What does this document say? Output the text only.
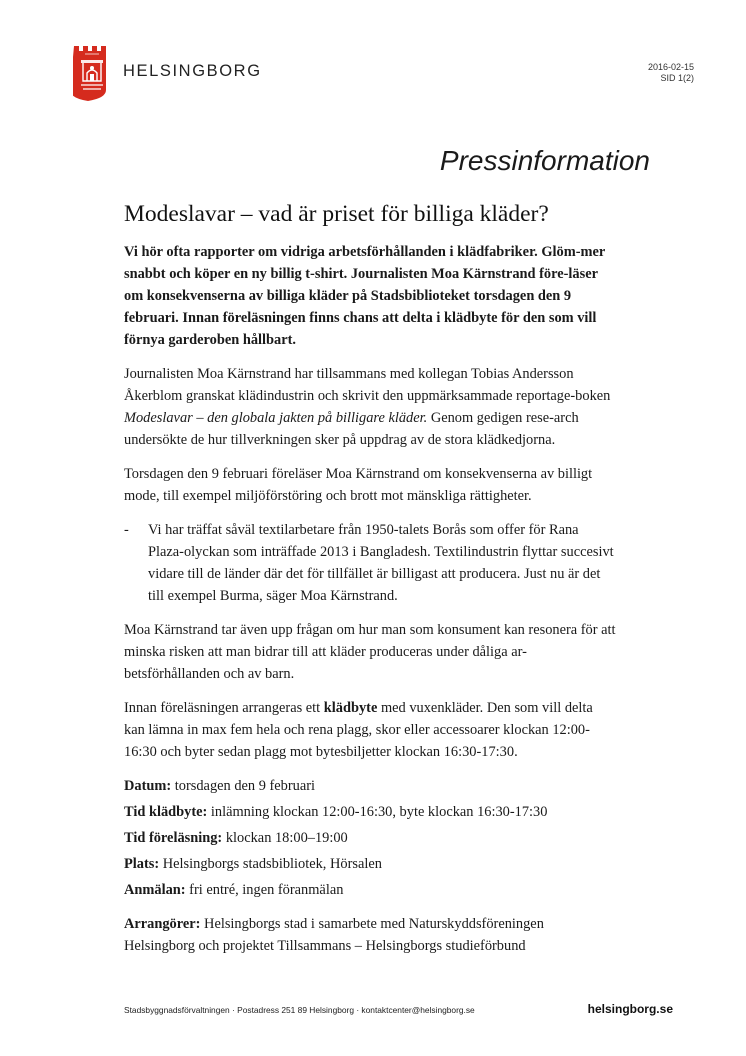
HELSINGBORG	2016-02-15
SID 1(2)
Pressinformation
Modeslavar – vad är priset för billiga kläder?
Vi hör ofta rapporter om vidriga arbetsförhållanden i klädfabriker. Glöm-mer snabbt och köper en ny billig t-shirt. Journalisten Moa Kärnstrand före-läser om konsekvenserna av billiga kläder på Stadsbiblioteket torsdagen den 9 februari. Innan föreläsningen finns chans att delta i klädbyte för den som vill förnya garderoben hållbart.

Journalisten Moa Kärnstrand har tillsammans med kollegan Tobias Andersson Åkerblom granskat klädindustrin och skrivit den uppmärksammade reportage-boken Modeslavar – den globala jakten på billigare kläder. Genom gedigen rese-arch undersökte de hur tillverkningen sker på uppdrag av de stora klädkedjorna.

Torsdagen den 9 februari föreläser Moa Kärnstrand om konsekvenserna av billigt mode, till exempel miljöförstöring och brott mot mänskliga rättigheter.

- Vi har träffat såväl textilarbetare från 1950-talets Borås som offer för Rana Plaza-olyckan som inträffade 2013 i Bangladesh. Textilindustrin flyttar succesivt vidare till de länder där det för tillfället är billigast att producera. Just nu är det till exempel Burma, säger Moa Kärnstrand.

Moa Kärnstrand tar även upp frågan om hur man som konsument kan resonera för att minska risken att man bidrar till att kläder produceras under dåliga ar-betsförhållanden och av barn.

Innan föreläsningen arrangeras ett klädbyte med vuxenkläder. Den som vill delta kan lämna in max fem hela och rena plagg, skor eller accessoarer klockan 12:00-16:30 och byter sedan plagg mot bytesbiljetter klockan 16:30-17:30.

Datum: torsdagen den 9 februari
Tid klädbyte: inlämning klockan 12:00-16:30, byte klockan 16:30-17:30
Tid föreläsning: klockan 18:00–19:00
Plats: Helsingborgs stadsbibliotek, Hörsalen
Anmälan: fri entré, ingen föranmälan

Arrangörer: Helsingborgs stad i samarbete med Naturskyddsföreningen Helsingborg och projektet Tillsammans – Helsingborgs studieförbund

Stadsbyggnadsförvaltningen · Postadress 251 89 Helsingborg · kontaktcenter@helsingborg.se	helsingborg.se
